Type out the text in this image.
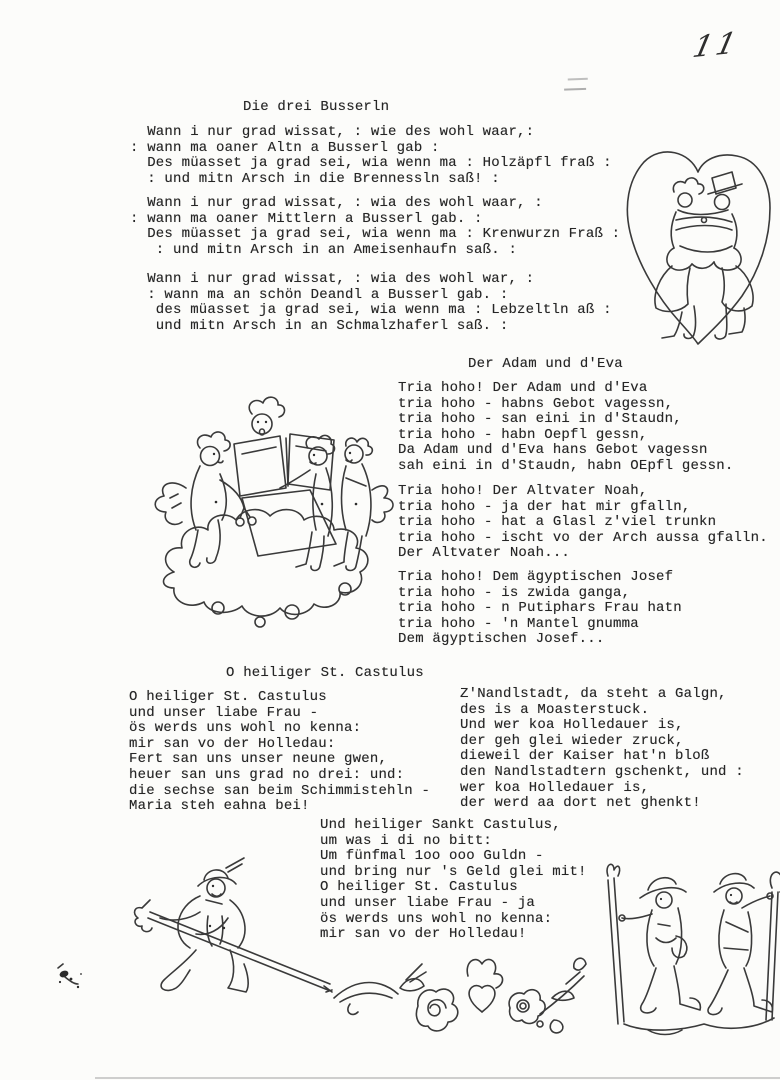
11
Die drei Busserln
Wann i nur grad wissat, : wie des wohl waar,:
: wann ma oaner Altn a Busserl gab :
Des müasset ja grad sei, wia wenn ma : Holzäpfl fraß :
: und mitn Arsch in die Brennessln saß! :
Wann i nur grad wissat, : wia des wohl waar, :
: wann ma oaner Mittlern a Busserl gab. :
Des müasset ja grad sei, wia wenn ma : Krenwurzn Fraß :
: und mitn Arsch in an Ameisenhaufn saß. :
Wann i nur grad wissat, : wia des wohl war, :
: wann ma an schön Deandl a Busserl gab. :
des müasset ja grad sei, wia wenn ma : Lebzeltln aß :
und mitn Arsch in an Schmalzhaferl saß. :
Der Adam und d'Eva
Tria hoho! Der Adam und d'Eva
tria hoho - habns Gebot vagessn,
tria hoho - san eini in d'Staudn,
tria hoho - habn Oepfl gessn,
Da Adam und d'Eva hans Gebot vagessn
sah eini in d'Staudn, habn OEpfl gessn.
Tria hoho! Der Altvater Noah,
tria hoho - ja der hat mir gfalln,
tria hoho - hat a Glasl z'viel trunkn
tria hoho - ischt vo der Arch aussa gfalln.
Der Altvater Noah...
Tria hoho! Dem ägyptischen Josef
tria hoho - is zwida ganga,
tria hoho - n Putiphars Frau hatn
tria hoho - 'n Mantel gnumma
Dem ägyptischen Josef...
O heiliger St. Castulus
O heiliger St. Castulus
und unser liabe Frau -
ös werds uns wohl no kenna:
mir san vo der Holledau:
Fert san uns unser neune gwen,
heuer san uns grad no drei: und:
die sechse san beim Schimmistehln -
Maria steh eahna bei!
Z'Nandlstadt, da steht a Galgn,
des is a Moasterstuck.
Und wer koa Holledauer is,
der geh glei wieder zruck,
dieweil der Kaiser hat'n bloß
den Nandlstadtern gschenkt, und :
wer koa Holledauer is,
der werd aa dort net ghenkt!
Und heiliger Sankt Castulus,
um was i di no bitt:
Um fünfmal 1oo ooo Guldn -
und bring nur 's Geld glei mit!
O heiliger St. Castulus
und unser liabe Frau - ja
ös werds uns wohl no kenna:
mir san vo der Holledau!
